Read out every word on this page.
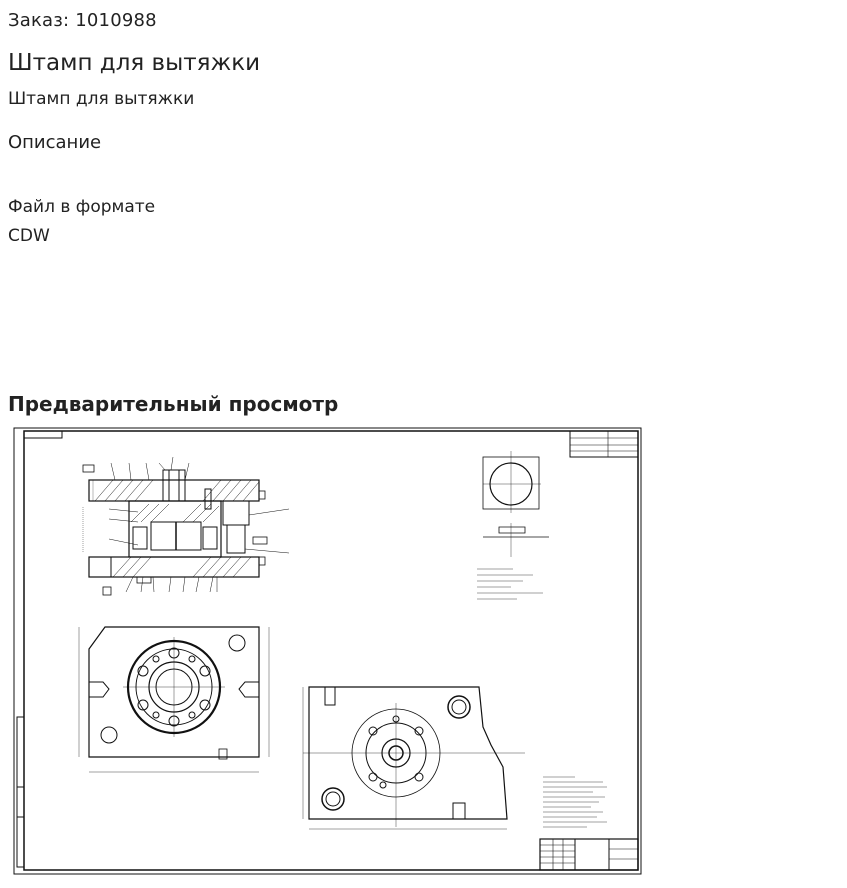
Заказ: 1010988
Штамп для вытяжки
Штамп для вытяжки
Описание
Файл в формате CDW
Предварительный просмотр
